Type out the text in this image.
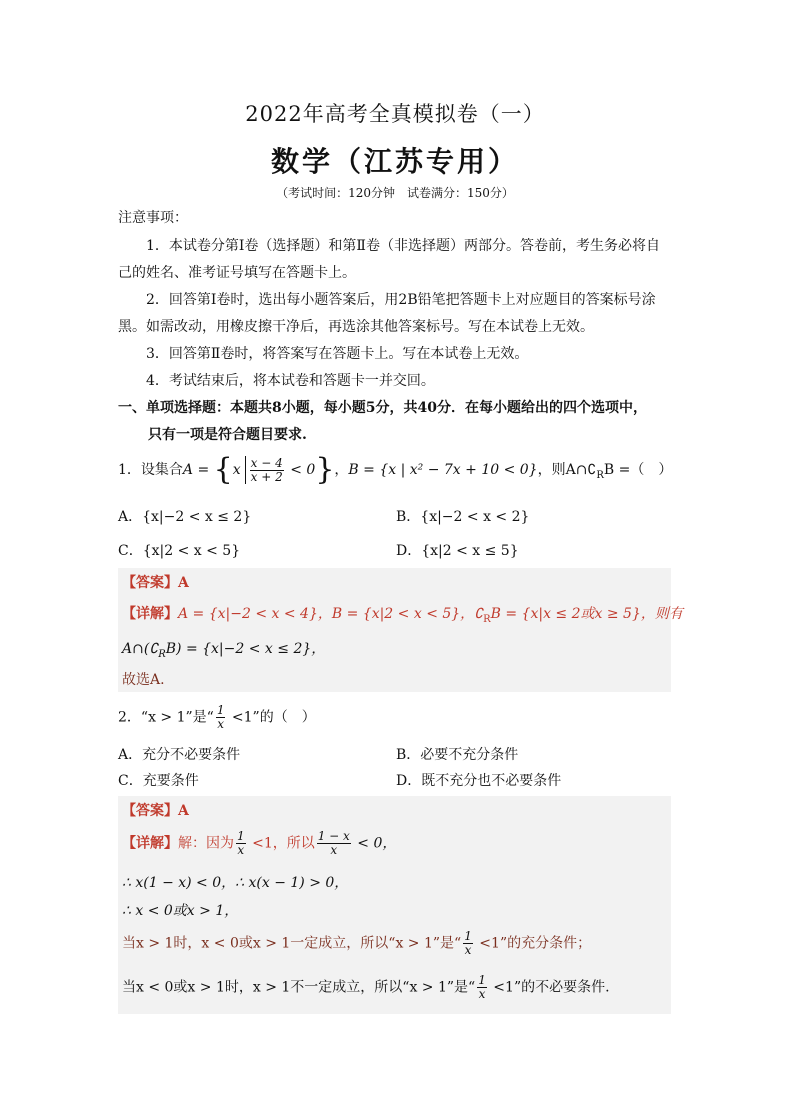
2022年高考全真模拟卷（一）
数学（江苏专用）
（考试时间：120分钟　试卷满分：150分）
注意事项：
1．本试卷分第Ⅰ卷（选择题）和第Ⅱ卷（非选择题）两部分。答卷前，考生务必将自
己的姓名、准考证号填写在答题卡上。
2．回答第Ⅰ卷时，选出每小题答案后，用2B铅笔把答题卡上对应题目的答案标号涂
黑。如需改动，用橡皮擦干净后，再选涂其他答案标号。写在本试卷上无效。
3．回答第Ⅱ卷时，将答案写在答题卡上。写在本试卷上无效。
4．考试结束后，将本试卷和答题卡一并交回。
一、单项选择题：本题共8小题，每小题5分，共40分．在每小题给出的四个选项中，
只有一项是符合题目要求.
1．设集合$A = \{x \frac{x - 4}{x + 2} < 0\}$，B = {x | x² − 7x + 10 < 0}，则$A\cap∁_RB$ =（　）
A．{x|−2 < x ≤ 2}	B．{x|−2 < x < 2}
C．{x|2 < x < 5}	D．{x|2 < x ≤ 5}
【答案】A
【详解】A = {x|−2 < x < 4}，B = {x|2 < x < 5}，$∁_RB = \{x|x \le 2$或x ≥ 5}，则有
$A\cap(∁_RB) = \{x|-2 < x \le 2\}$，
故选A.
2．“x > 1”是“ $\frac{1}{x} <1$”的（　）
A．充分不必要条件	B．必要不充分条件
C．充要条件	D．既不充分也不必要条件
【答案】A
【详解】解：因为 $\frac{1}{x} <1$，所以 $\frac{1 - x}{x} < 0$，
∴ x(1 − x) < 0，∴ x(x − 1) > 0，
∴ x < 0或x > 1，
当x > 1时，x < 0或x > 1一定成立，所以“x > 1”是“ $\frac{1}{x} <1$”的充分条件；
当x < 0或x > 1时，x > 1不一定成立，所以“x > 1”是“ $\frac{1}{x} <1$”的不必要条件.
